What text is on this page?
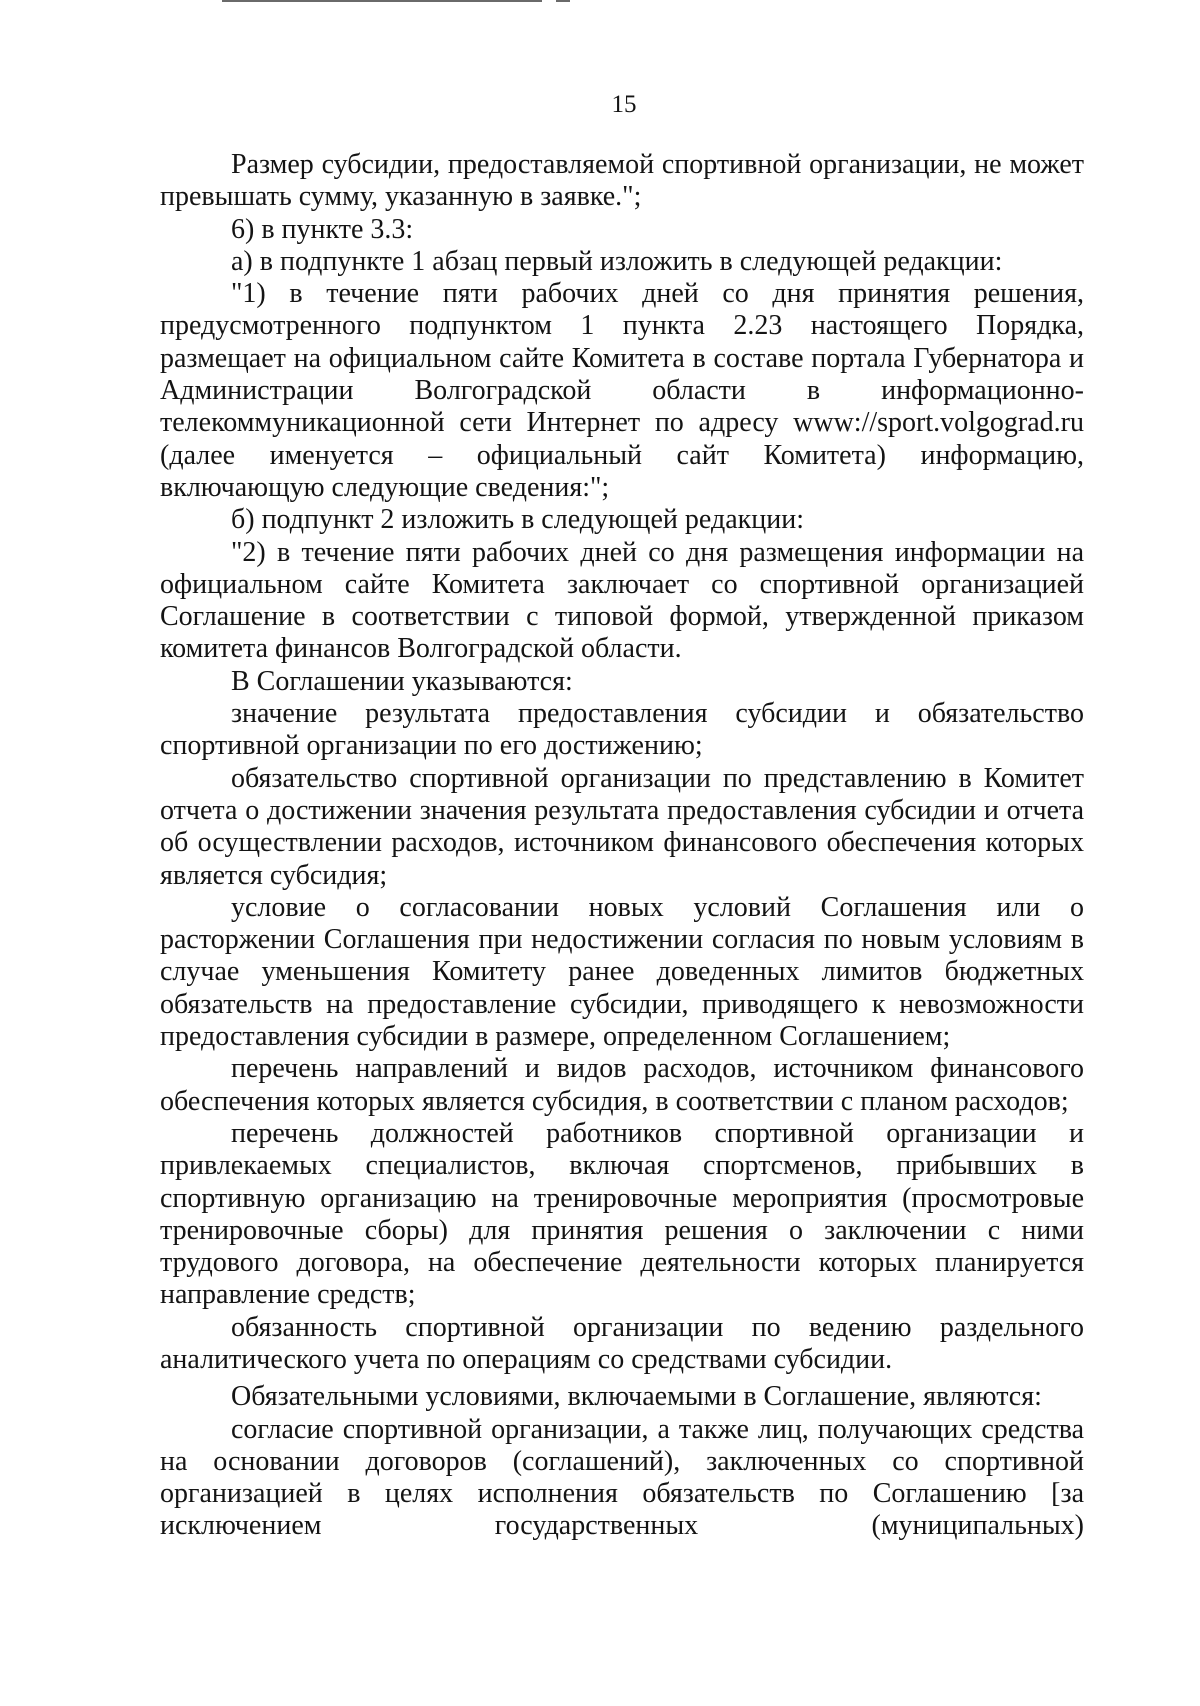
15

Размер субсидии, предоставляемой спортивной организации, не может превышать сумму, указанную в заявке.";

6) в пункте 3.3:

а) в подпункте 1 абзац первый изложить в следующей редакции:

"1) в течение пяти рабочих дней со дня принятия решения, предусмотренного подпунктом 1 пункта 2.23 настоящего Порядка, размещает на официальном сайте Комитета в составе портала Губернатора и Администрации Волгоградской области в информационно-телекоммуникационной сети Интернет по адресу www://sport.volgograd.ru (далее именуется – официальный сайт Комитета) информацию, включающую следующие сведения:";

б) подпункт 2 изложить в следующей редакции:

"2) в течение пяти рабочих дней со дня размещения информации на официальном сайте Комитета заключает со спортивной организацией Соглашение в соответствии с типовой формой, утвержденной приказом комитета финансов Волгоградской области.

В Соглашении указываются:

значение результата предоставления субсидии и обязательство спортивной организации по его достижению;

обязательство спортивной организации по представлению в Комитет отчета о достижении значения результата предоставления субсидии и отчета об осуществлении расходов, источником финансового обеспечения которых является субсидия;

условие о согласовании новых условий Соглашения или о расторжении Соглашения при недостижении согласия по новым условиям в случае уменьшения Комитету ранее доведенных лимитов бюджетных обязательств на предоставление субсидии, приводящего к невозможности предоставления субсидии в размере, определенном Соглашением;

перечень направлений и видов расходов, источником финансового обеспечения которых является субсидия, в соответствии с планом расходов;

перечень должностей работников спортивной организации и привлекаемых специалистов, включая спортсменов, прибывших в спортивную организацию на тренировочные мероприятия (просмотровые тренировочные сборы) для принятия решения о заключении с ними трудового договора, на обеспечение деятельности которых планируется направление средств;

обязанность спортивной организации по ведению раздельного аналитического учета по операциям со средствами субсидии.

Обязательными условиями, включаемыми в Соглашение, являются:

согласие спортивной организации, а также лиц, получающих средства на основании договоров (соглашений), заключенных со спортивной организацией в целях исполнения обязательств по Соглашению [за исключением государственных (муниципальных)
